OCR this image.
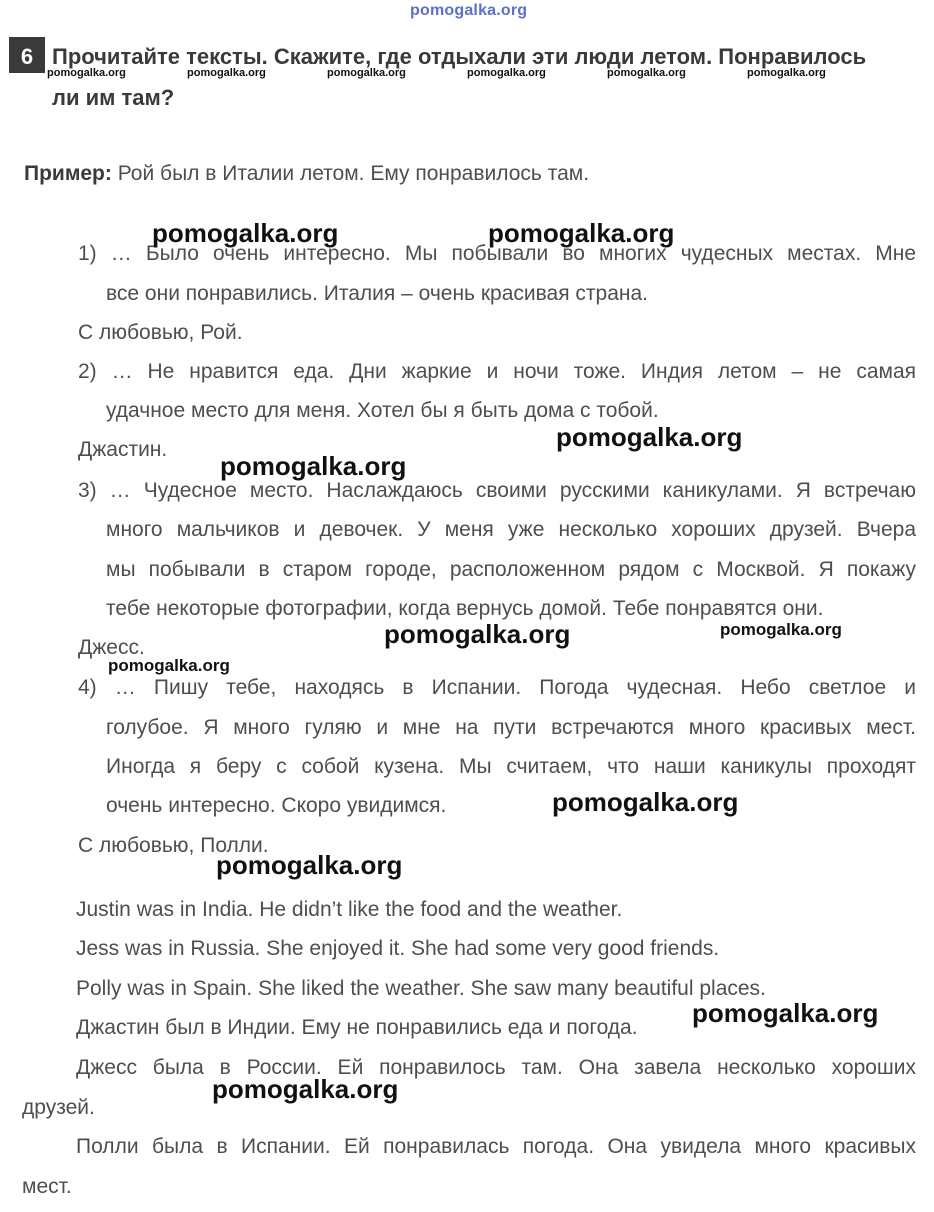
pomogalka.org
6 Прочитайте тексты. Скажите, где отдыхали эти люди летом. Понравилось
ли им там?
pomogalka.org	pomogalka.org	pomogalka.org	pomogalka.org	pomogalka.org	pomogalka.org
Пример: Рой был в Италии летом. Ему понравилось там.
1) … Было очень интересно. Мы побывали во многих чудесных местах. Мне
все они понравились. Италия – очень красивая страна.
С любовью, Рой.
2) … Не нравится еда. Дни жаркие и ночи тоже. Индия летом – не самая
удачное место для меня. Хотел бы я быть дома с тобой.
Джастин.
3) … Чудесное место. Наслаждаюсь своими русскими каникулами. Я встречаю
много мальчиков и девочек. У меня уже несколько хороших друзей. Вчера
мы побывали в старом городе, расположенном рядом с Москвой. Я покажу
тебе некоторые фотографии, когда вернусь домой. Тебе понравятся они.
Джесс.
4) … Пишу тебе, находясь в Испании. Погода чудесная. Небо светлое и
голубое. Я много гуляю и мне на пути встречаются много красивых мест.
Иногда я беру с собой кузена. Мы считаем, что наши каникулы проходят
очень интересно. Скоро увидимся.
С любовью, Полли.
Justin was in India. He didn’t like the food and the weather.
Jess was in Russia. She enjoyed it. She had some very good friends.
Polly was in Spain. She liked the weather. She saw many beautiful places.
Джастин был в Индии. Ему не понравились еда и погода.
Джесс была в России. Ей понравилось там. Она завела несколько хороших
друзей.
Полли была в Испании. Ей понравилась погода. Она увидела много красивых
мест.
pomogalka.org	pomogalka.org
pomogalka.org
pomogalka.org
pomogalka.org	pomogalka.org
pomogalka.org
pomogalka.org
pomogalka.org
pomogalka.org
pomogalka.org
